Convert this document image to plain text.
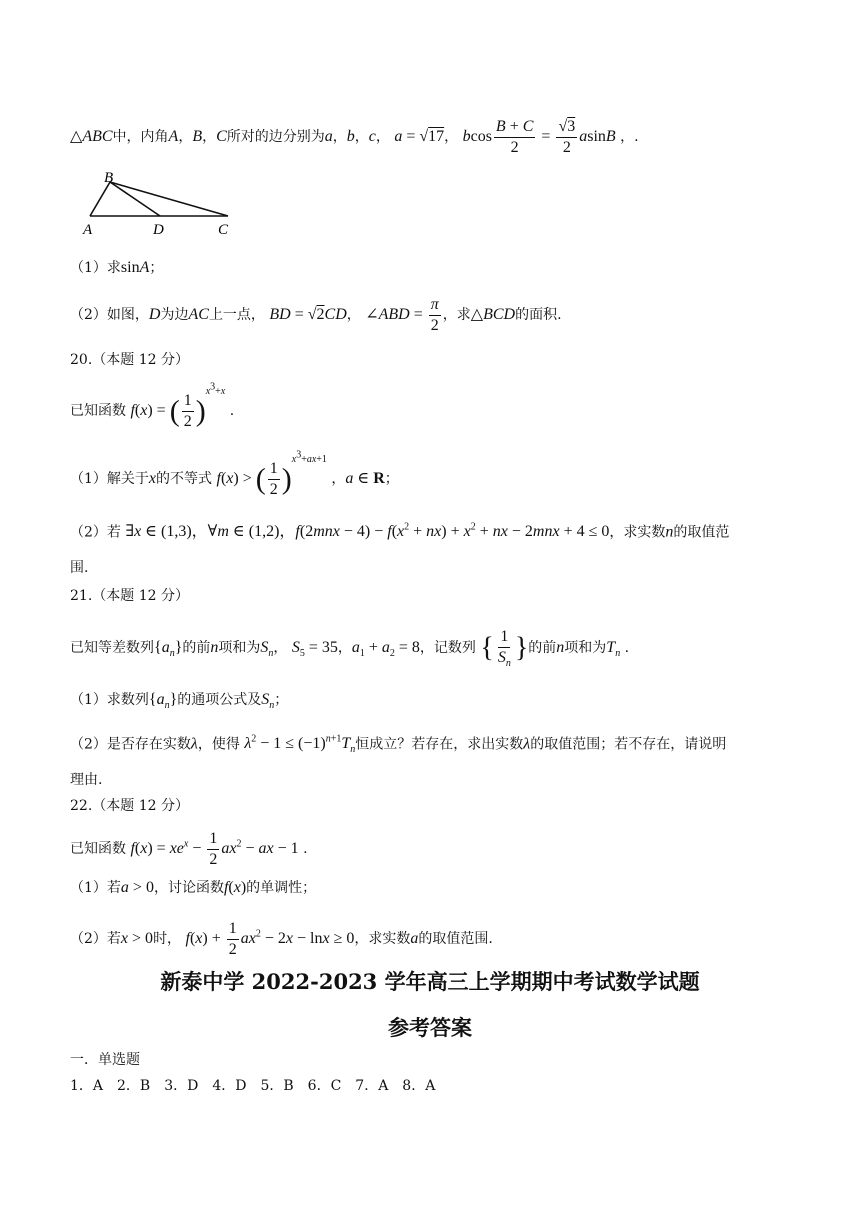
△ABC中，内角A，B，C所对的边分别为a，b，c， a = √17， bcos $\frac{B + C}{2} = \frac{√3}{2}$ asinB ，.
B
A	D	C
（1）求sinA；
（2）如图，D为边AC上一点， BD = √2CD， ∠ABD = $\frac{\pi}{2}$ ，求△BCD的面积.
20.（本题 12 分）
已知函数 f(x) = ( $\frac{1}{2} )^{x^3+x}$ .
（1）解关于x的不等式 f(x) > ( $\frac{1}{2} )^{x^3+ax+1}$ ，a ∈ R；
（2）若 ∃x ∈ (1,3)，∀m ∈ (1,2)，$f(2mnx - 4) - f(x^2 + nx) + x^2$ + nx − 2mnx + 4 ≤ 0，求实数n的取值范
围.
21.（本题 12 分）
已知等差数列$\{a_n\}$的前n项和为$S_n$， $S_5 = 35$，$a_1 + a_2 = 8$，记数列 { $\frac{1}{S_n}$ }的前n项和为$T_n$ .
（1）求数列$\{a_n\}$的通项公式及$S_n$；
（2）是否存在实数λ，使得 $\lambda^2 - 1 \le (-1)^{n+1}T_n$恒成立？若存在，求出实数λ的取值范围；若不存在，请说明
理由.
22.（本题 12 分）
已知函数 $f(x) = xe^x - \frac{1}{2} ax^2$ − ax − 1 .
（1）若a > 0，讨论函数f(x)的单调性；
（2）若x > 0时， $f(x) + \frac{1}{2} ax^2 - 2x - \ln x \ge 0$，求实数a的取值范围.
新泰中学 2022-2023 学年高三上学期期中考试数学试题
参考答案
一．单选题
1．A　2．B　3．D　4．D　5．B　6．C　7．A　8．A
